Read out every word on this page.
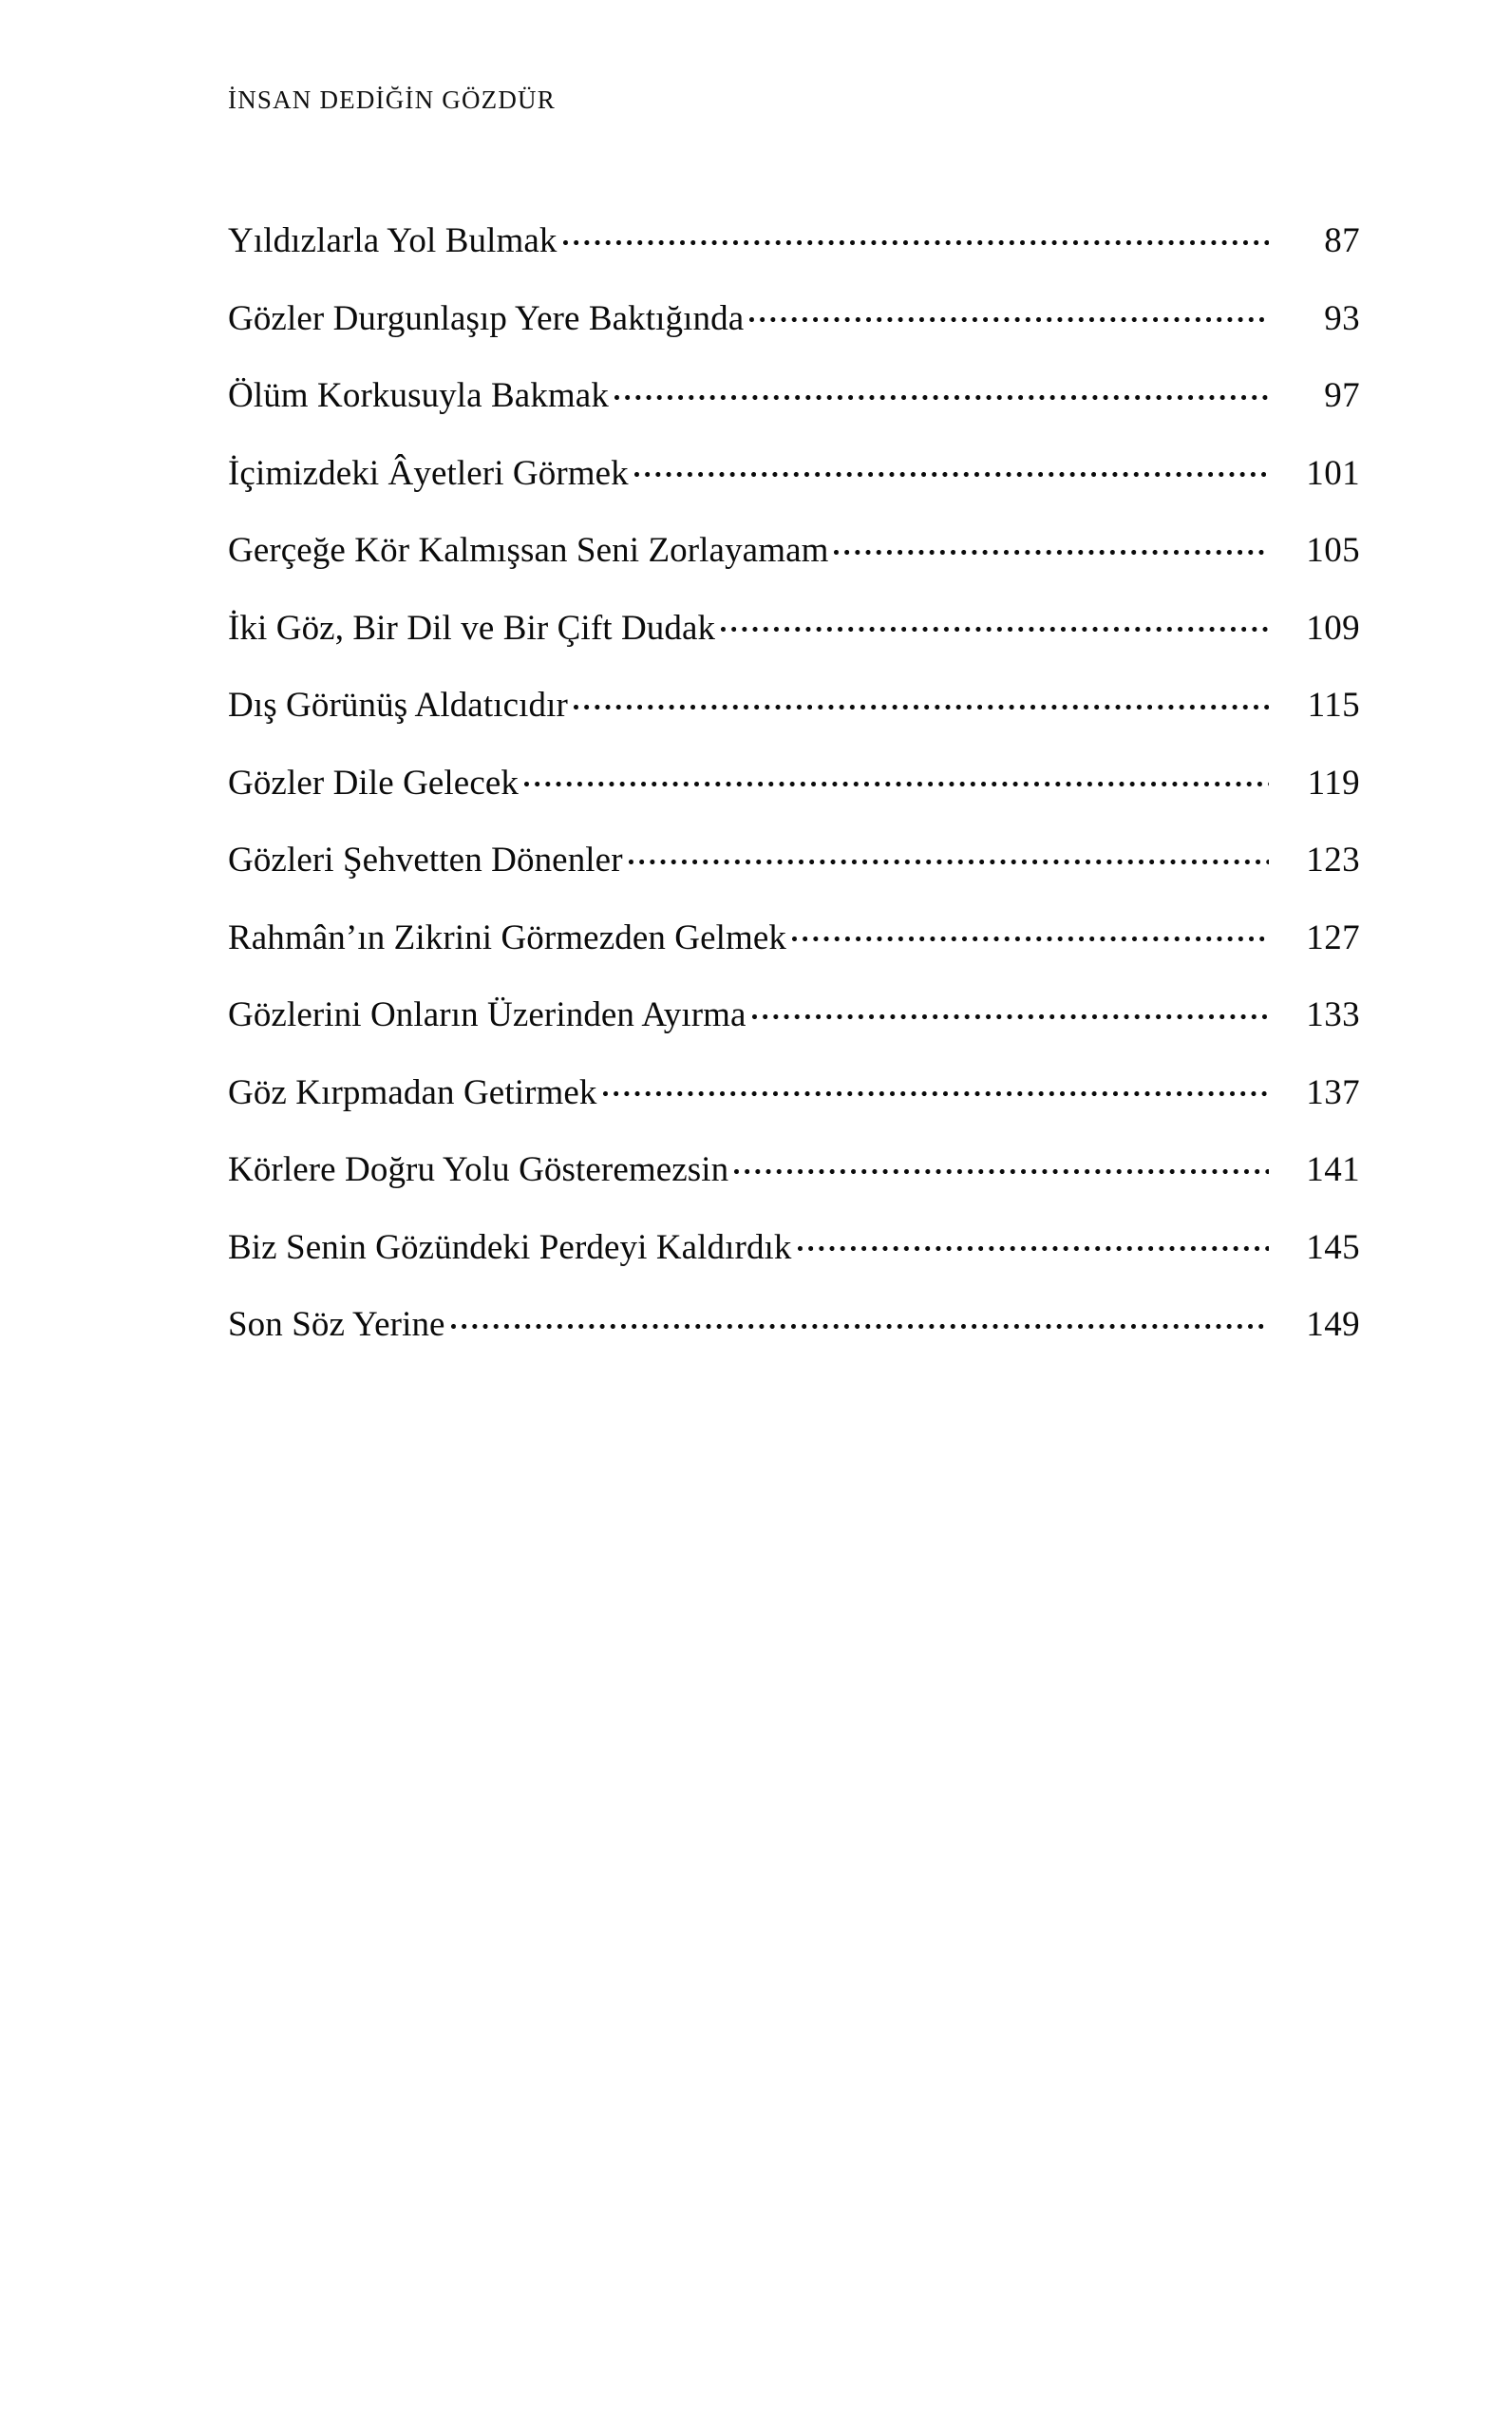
İNSAN DEDİĞİN GÖZDÜR
Yıldızlarla Yol Bulmak	87
Gözler Durgunlaşıp Yere Baktığında	93
Ölüm Korkusuyla Bakmak	97
İçimizdeki Âyetleri Görmek	101
Gerçeğe Kör Kalmışsan Seni Zorlayamam	105
İki Göz, Bir Dil ve Bir Çift Dudak	109
Dış Görünüş Aldatıcıdır	115
Gözler Dile Gelecek	119
Gözleri Şehvetten Dönenler	123
Rahmân’ın Zikrini Görmezden Gelmek	127
Gözlerini Onların Üzerinden Ayırma	133
Göz Kırpmadan Getirmek	137
Körlere Doğru Yolu Gösteremezsin	141
Biz Senin Gözündeki Perdeyi Kaldırdık	145
Son Söz Yerine	149
